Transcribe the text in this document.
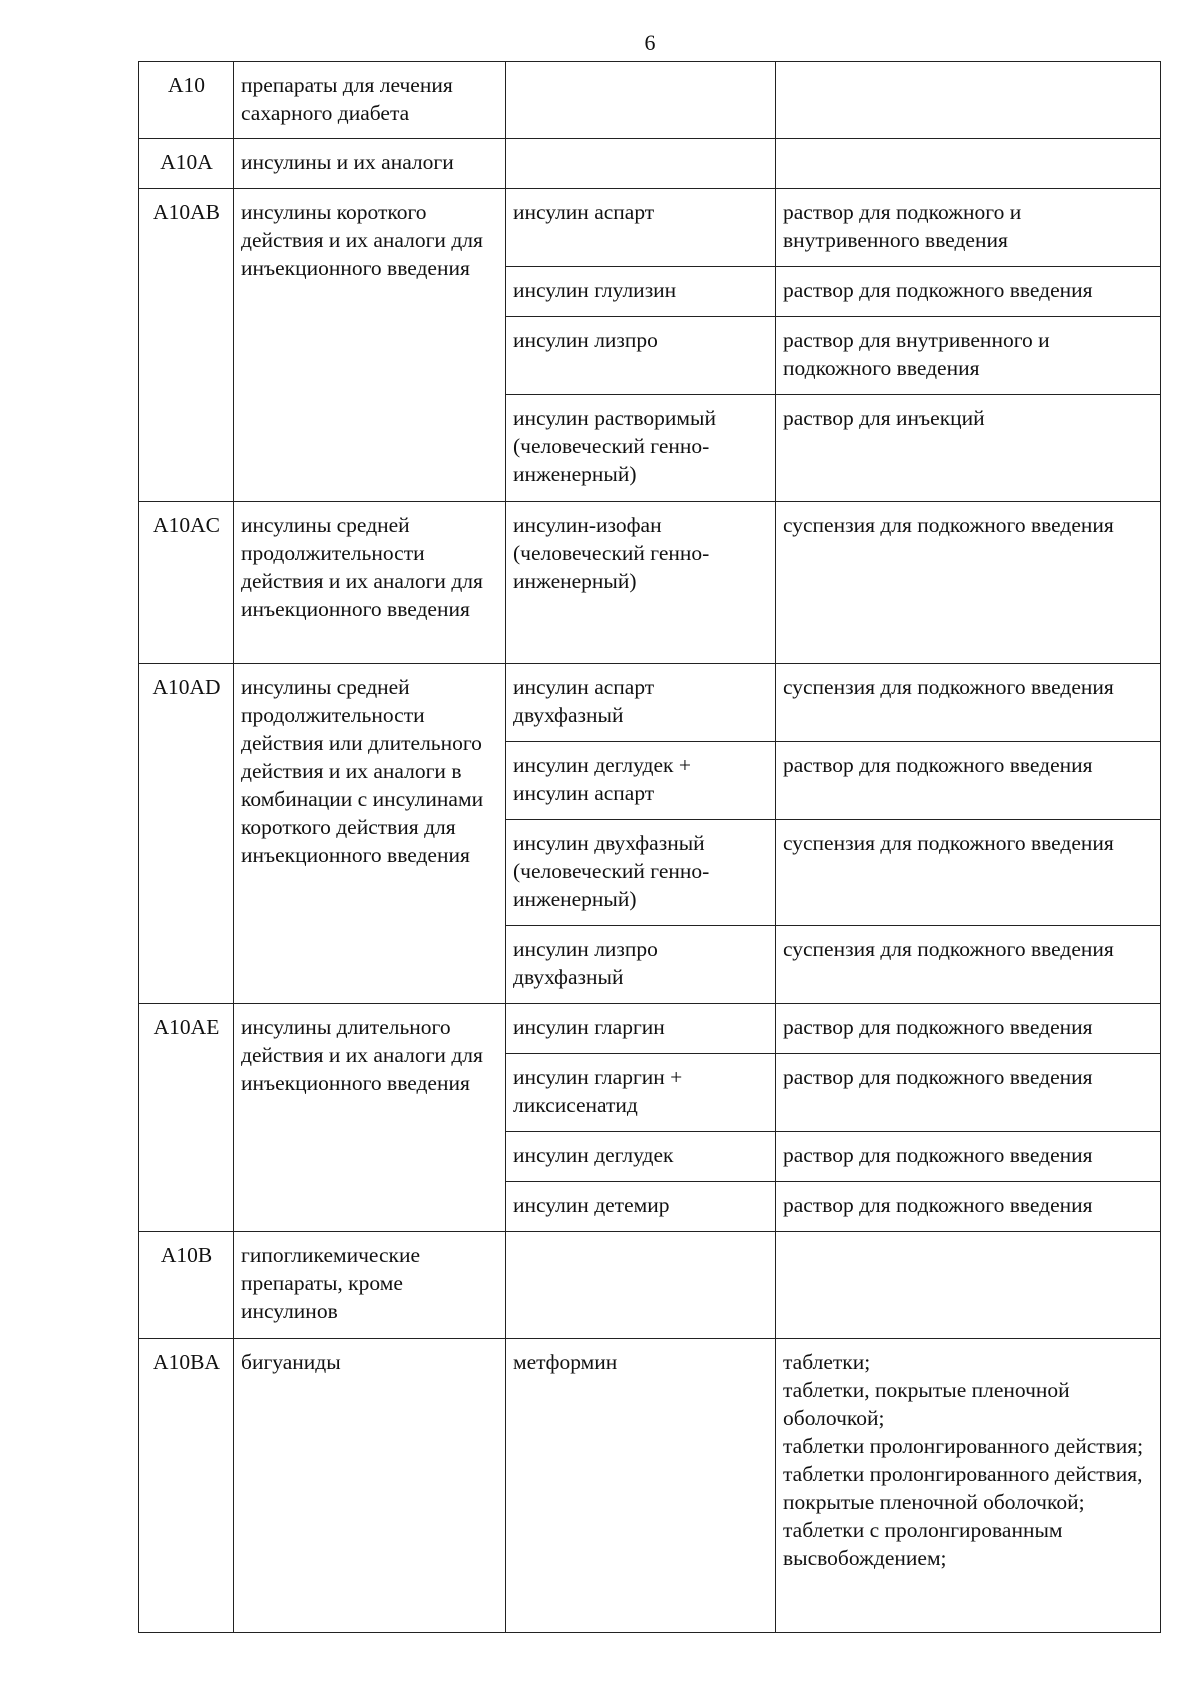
6
A10	препараты для лечения сахарного диабета		
A10A	инсулины и их аналоги		
A10AB	инсулины короткого действия и их аналоги для инъекционного введения	инсулин аспарт	раствор для подкожного и внутривенного введения
		инсулин глулизин	раствор для подкожного введения
		инсулин лизпро	раствор для внутривенного и подкожного введения
		инсулин растворимый (человеческий генно-инженерный)	раствор для инъекций
A10AC	инсулины средней продолжительности действия и их аналоги для инъекционного введения	инсулин-изофан (человеческий генно-инженерный)	суспензия для подкожного введения
A10AD	инсулины средней продолжительности действия или длительного действия и их аналоги в комбинации с инсулинами короткого действия для инъекционного введения	инсулин аспарт двухфазный	суспензия для подкожного введения
		инсулин деглудек + инсулин аспарт	раствор для подкожного введения
		инсулин двухфазный (человеческий генно-инженерный)	суспензия для подкожного введения
		инсулин лизпро двухфазный	суспензия для подкожного введения
A10AE	инсулины длительного действия и их аналоги для инъекционного введения	инсулин гларгин	раствор для подкожного введения
		инсулин гларгин + ликсисенатид	раствор для подкожного введения
		инсулин деглудек	раствор для подкожного введения
		инсулин детемир	раствор для подкожного введения
A10B	гипогликемические препараты, кроме инсулинов		
A10BA	бигуаниды	метформин	таблетки;
таблетки, покрытые пленочной оболочкой;
таблетки пролонгированного действия;
таблетки пролонгированного действия, покрытые пленочной оболочкой;
таблетки с пролонгированным высвобождением;
